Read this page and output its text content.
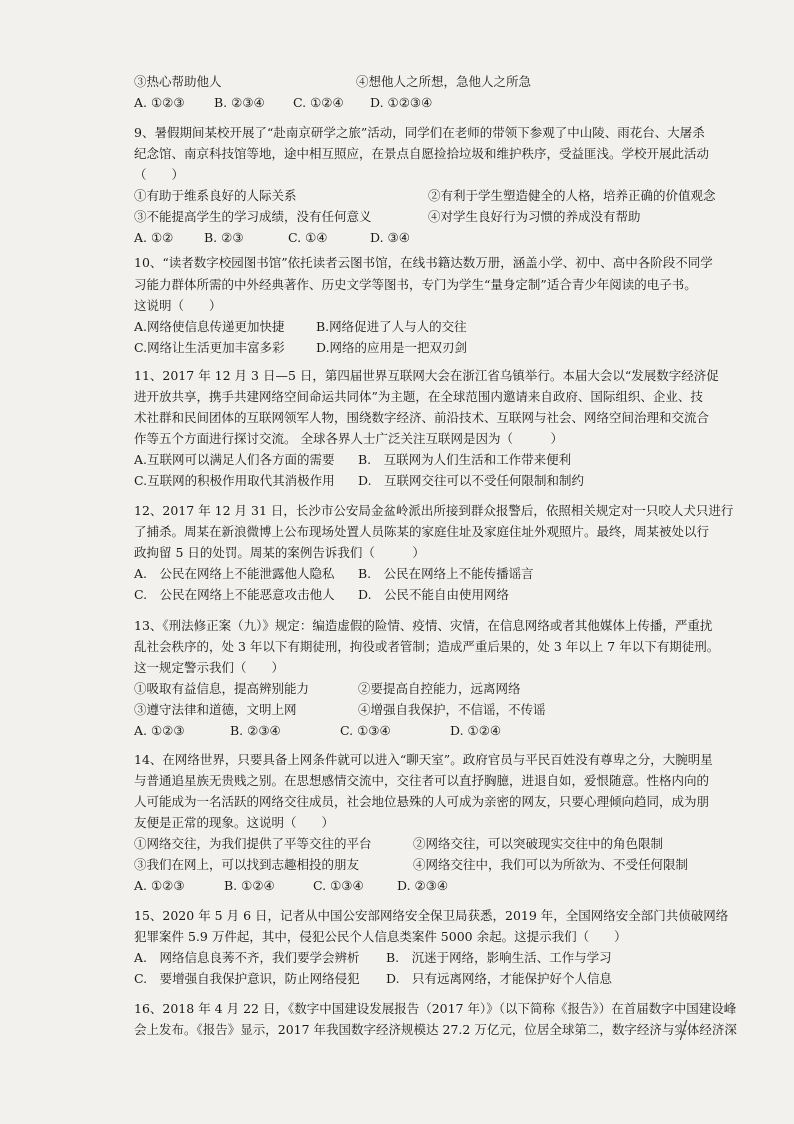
③热心帮助他人	④想他人之所想，急他人之所急
A. ①②③ B. ②③④ C. ①②④ D. ①②③④
9、暑假期间某校开展了“赴南京研学之旅”活动，同学们在老师的带领下参观了中山陵、雨花台、大屠杀
纪念馆、南京科技馆等地，途中相互照应，在景点自愿捡拾垃圾和维护秩序，受益匪浅。学校开展此活动
（　　）
①有助于维系良好的人际关系	②有利于学生塑造健全的人格，培养正确的价值观念
③不能提高学生的学习成绩，没有任何意义	④对学生良好行为习惯的养成没有帮助
A. ①② B. ②③	C. ①④	D. ③④
10、“读者数字校园图书馆”依托读者云图书馆，在线书籍达数万册，涵盖小学、初中、高中各阶段不同学
习能力群体所需的中外经典著作、历史文学等图书，专门为学生“量身定制”适合青少年阅读的电子书。
这说明（　　）
A.网络使信息传递更加快捷	B.网络促进了人与人的交往
C.网络让生活更加丰富多彩	D.网络的应用是一把双刃剑
11、2017 年 12 月 3 日—5 日，第四届世界互联网大会在浙江省乌镇举行。本届大会以“发展数字经济促
进开放共享，携手共建网络空间命运共同体”为主题，在全球范围内邀请来自政府、国际组织、企业、技
术社群和民间团体的互联网领军人物，围绕数字经济、前沿技术、互联网与社会、网络空间治理和交流合
作等五个方面进行探讨交流。 全球各界人士广泛关注互联网是因为（　　　）
A.互联网可以满足人们各方面的需要 B.　互联网为人们生活和工作带来便利
C.互联网的积极作用取代其消极作用 D.　互联网交往可以不受任何限制和制约
12、2017 年 12 月 31 日，长沙市公安局金盆岭派出所接到群众报警后，依照相关规定对一只咬人犬只进行
了捕杀。周某在新浪微博上公布现场处置人员陈某的家庭住址及家庭住址外观照片。最终，周某被处以行
政拘留 5 日的处罚。周某的案例告诉我们（　　　）
A.　公民在网络上不能泄露他人隐私 B.　公民在网络上不能传播谣言
C.　公民在网络上不能恶意攻击他人 D.　公民不能自由使用网络
13、《刑法修正案（九）》规定：编造虚假的险情、疫情、灾情，在信息网络或者其他媒体上传播，严重扰
乱社会秩序的，处 3 年以下有期徒刑，拘役或者管制；造成严重后果的，处 3 年以上 7 年以下有期徒刑。
这一规定警示我们（　　）
①吸取有益信息，提高辨别能力	②要提高自控能力，远离网络
③遵守法律和道德，文明上网	④增强自我保护，不信谣，不传谣
A. ①②③	B. ②③④	C. ①③④	D. ①②④
14、在网络世界，只要具备上网条件就可以进入“聊天室”。政府官员与平民百姓没有尊卑之分，大腕明星
与普通追星族无贵贱之别。在思想感情交流中，交往者可以直抒胸臆，进退自如，爱恨随意。性格内向的
人可能成为一名活跃的网络交往成员，社会地位悬殊的人可成为亲密的网友，只要心理倾向趋同，成为朋
友便是正常的现象。这说明（　　）
①网络交往，为我们提供了平等交往的平台	②网络交往，可以突破现实交往中的角色限制
③我们在网上，可以找到志趣相投的朋友	④网络交往中，我们可以为所欲为、不受任何限制
A. ①②③	B. ①②④	C. ①③④	D. ②③④
15、2020 年 5 月 6 日，记者从中国公安部网络安全保卫局获悉，2019 年，全国网络安全部门共侦破网络
犯罪案件 5.9 万件起，其中，侵犯公民个人信息类案件 5000 余起。这提示我们（　　）
A.　网络信息良莠不齐，我们要学会辨析 B.　沉迷于网络，影响生活、工作与学习
C.　要增强自我保护意识，防止网络侵犯 D.　只有远离网络，才能保护好个人信息
16、2018 年 4 月 22 日，《数字中国建设发展报告（2017 年）》（以下简称《报告》）在首届数字中国建设峰
会上发布。《报告》显示，2017 年我国数字经济规模达 27.2 万亿元，位居全球第二，数字经济与实体经济深
